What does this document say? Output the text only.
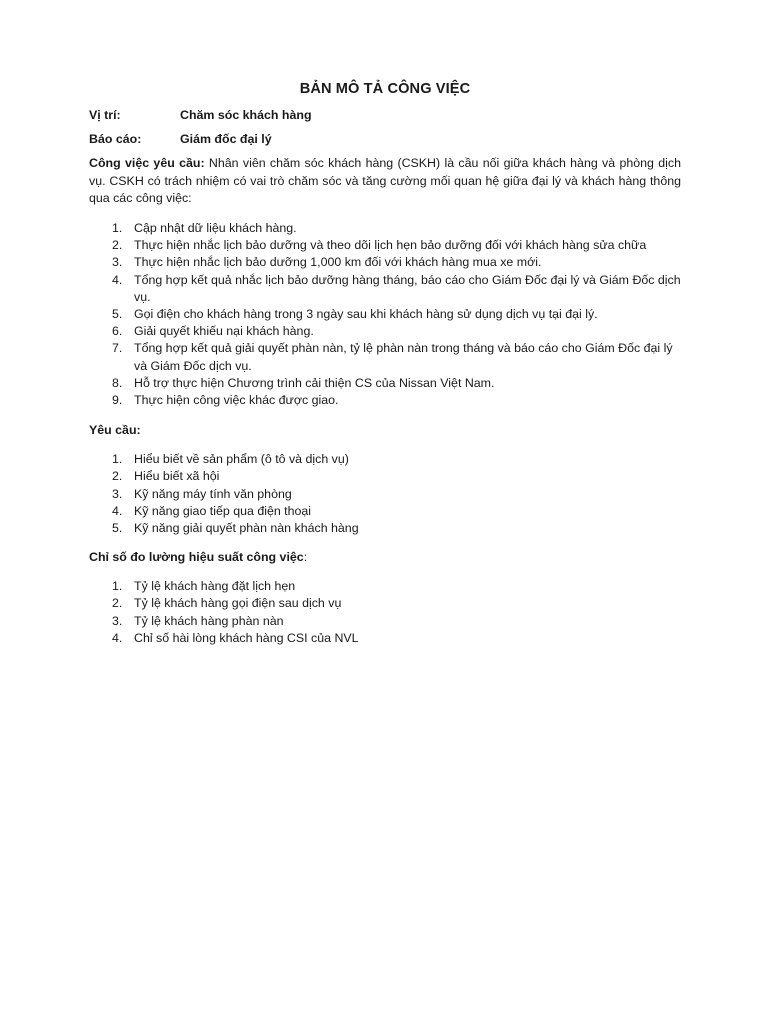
BẢN MÔ TẢ CÔNG VIỆC
Vị trí:	Chăm sóc khách hàng
Báo cáo:	Giám đốc đại lý

Công việc yêu cầu: Nhân viên chăm sóc khách hàng (CSKH) là cầu nối giữa khách hàng và phòng dịch vụ. CSKH có trách nhiệm có vai trò chăm sóc và tăng cường mối quan hệ giữa đại lý và khách hàng thông qua các công việc:

1. Cập nhật dữ liệu khách hàng.
2. Thực hiện nhắc lịch bảo dưỡng và theo dõi lịch hẹn bảo dưỡng đối với khách hàng sửa chữa
3. Thực hiện nhắc lịch bảo dưỡng 1,000 km đối với khách hàng mua xe mới.
4. Tổng hợp kết quả nhắc lịch bảo dưỡng hàng tháng, báo cáo cho Giám Đốc đại lý và Giám Đốc dịch vụ.
5. Gọi điện cho khách hàng trong 3 ngày sau khi khách hàng sử dụng dịch vụ tại đại lý.
6. Giải quyết khiếu nại khách hàng.
7. Tổng hợp kết quả giải quyết phàn nàn, tỷ lệ phàn nàn trong tháng và báo cáo cho Giám Đốc đại lý và Giám Đốc dịch vụ.
8. Hỗ trợ thực hiện Chương trình cải thiện CS của Nissan Việt Nam.
9. Thực hiện công việc khác được giao.
Yêu cầu:
1. Hiểu biết về sản phẩm (ô tô và dịch vụ)
2. Hiểu biết xã hội
3. Kỹ năng máy tính văn phòng
4. Kỹ năng giao tiếp qua điện thoại
5. Kỹ năng giải quyết phàn nàn khách hàng
Chỉ số đo lường hiệu suất công việc:
1. Tỷ lệ khách hàng đặt lịch hẹn
2. Tỷ lệ khách hàng gọi điện sau dịch vụ
3. Tỷ lệ khách hàng phàn nàn
4. Chỉ số hài lòng khách hàng CSI của NVL
